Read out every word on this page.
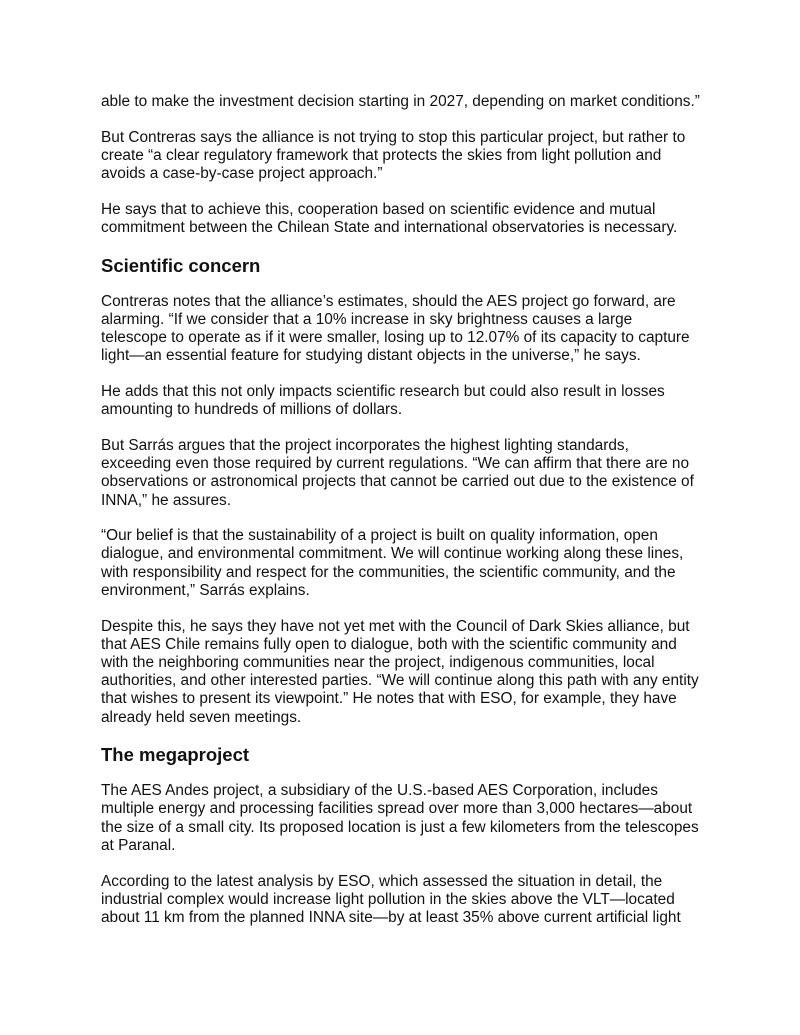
able to make the investment decision starting in 2027, depending on market conditions.”

But Contreras says the alliance is not trying to stop this particular project, but rather to create “a clear regulatory framework that protects the skies from light pollution and avoids a case-by-case project approach.”

He says that to achieve this, cooperation based on scientific evidence and mutual commitment between the Chilean State and international observatories is necessary.

Scientific concern

Contreras notes that the alliance’s estimates, should the AES project go forward, are alarming. “If we consider that a 10% increase in sky brightness causes a large telescope to operate as if it were smaller, losing up to 12.07% of its capacity to capture light—an essential feature for studying distant objects in the universe,” he says.

He adds that this not only impacts scientific research but could also result in losses amounting to hundreds of millions of dollars.

But Sarrás argues that the project incorporates the highest lighting standards, exceeding even those required by current regulations. “We can affirm that there are no observations or astronomical projects that cannot be carried out due to the existence of INNA,” he assures.

“Our belief is that the sustainability of a project is built on quality information, open dialogue, and environmental commitment. We will continue working along these lines, with responsibility and respect for the communities, the scientific community, and the environment,” Sarrás explains.

Despite this, he says they have not yet met with the Council of Dark Skies alliance, but that AES Chile remains fully open to dialogue, both with the scientific community and with the neighboring communities near the project, indigenous communities, local authorities, and other interested parties. “We will continue along this path with any entity that wishes to present its viewpoint.” He notes that with ESO, for example, they have already held seven meetings.

The megaproject

The AES Andes project, a subsidiary of the U.S.-based AES Corporation, includes multiple energy and processing facilities spread over more than 3,000 hectares—about the size of a small city. Its proposed location is just a few kilometers from the telescopes at Paranal.

According to the latest analysis by ESO, which assessed the situation in detail, the industrial complex would increase light pollution in the skies above the VLT—located about 11 km from the planned INNA site—by at least 35% above current artificial light
